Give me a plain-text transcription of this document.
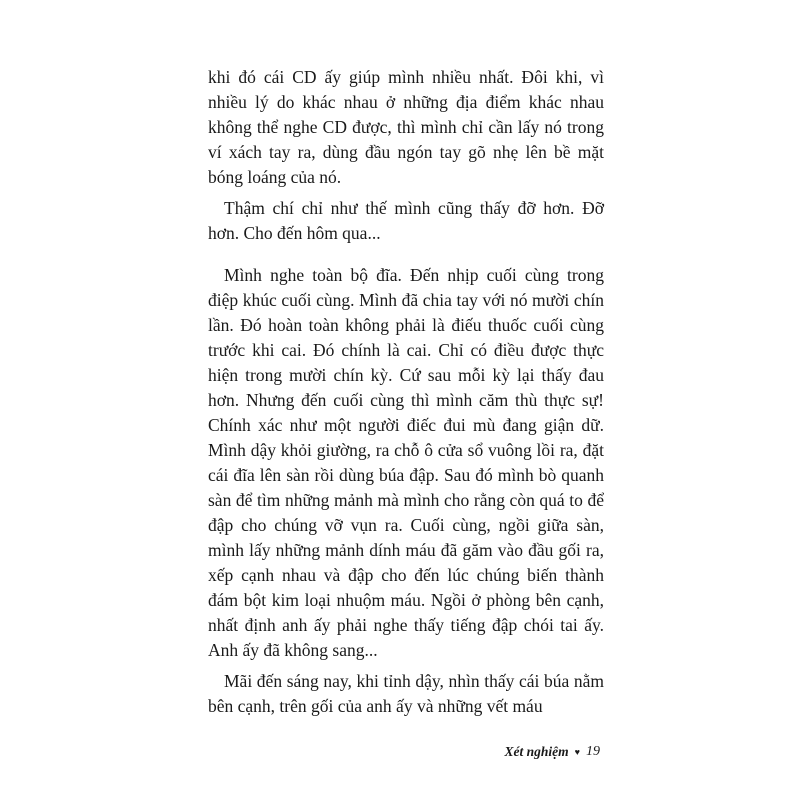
khi đó cái CD ấy giúp mình nhiều nhất. Đôi khi, vì nhiều lý do khác nhau ở những địa điểm khác nhau không thể nghe CD được, thì mình chỉ cần lấy nó trong ví xách tay ra, dùng đầu ngón tay gõ nhẹ lên bề mặt bóng loáng của nó.

Thậm chí chỉ như thế mình cũng thấy đỡ hơn. Đỡ hơn. Cho đến hôm qua...

Mình nghe toàn bộ đĩa. Đến nhịp cuối cùng trong điệp khúc cuối cùng. Mình đã chia tay với nó mười chín lần. Đó hoàn toàn không phải là điếu thuốc cuối cùng trước khi cai. Đó chính là cai. Chỉ có điều được thực hiện trong mười chín kỳ. Cứ sau mỗi kỳ lại thấy đau hơn. Nhưng đến cuối cùng thì mình căm thù thực sự! Chính xác như một người điếc đui mù đang giận dữ. Mình dậy khỏi giường, ra chỗ ô cửa sổ vuông lồi ra, đặt cái đĩa lên sàn rồi dùng búa đập. Sau đó mình bò quanh sàn để tìm những mảnh mà mình cho rằng còn quá to để đập cho chúng vỡ vụn ra. Cuối cùng, ngồi giữa sàn, mình lấy những mảnh dính máu đã găm vào đầu gối ra, xếp cạnh nhau và đập cho đến lúc chúng biến thành đám bột kim loại nhuộm máu. Ngồi ở phòng bên cạnh, nhất định anh ấy phải nghe thấy tiếng đập chói tai ấy. Anh ấy đã không sang...

Mãi đến sáng nay, khi tỉnh dậy, nhìn thấy cái búa nằm bên cạnh, trên gối của anh ấy và những vết máu

Xét nghiệm ♥ 19
